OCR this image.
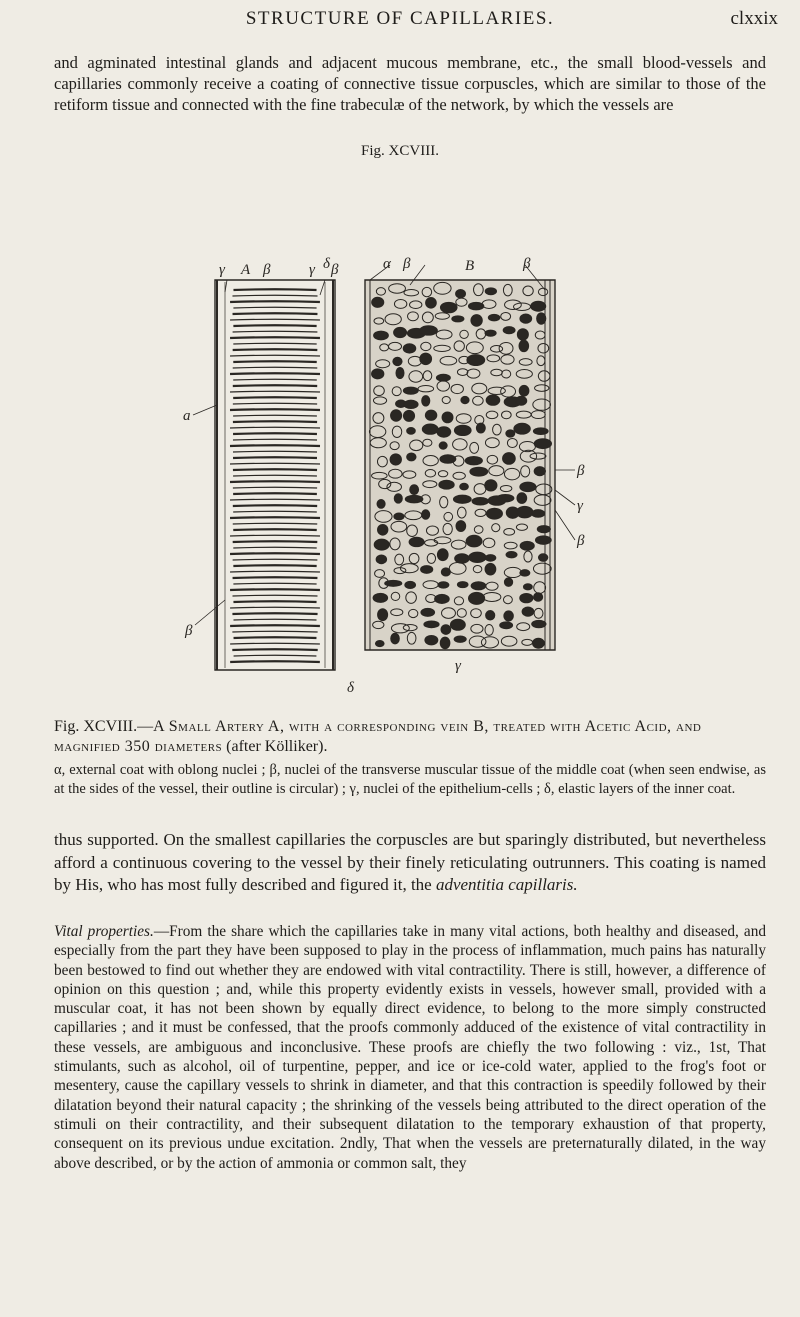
STRUCTURE OF CAPILLARIES.	clxxix

and agminated intestinal glands and adjacent mucous membrane, etc., the small blood-vessels and capillaries commonly receive a coating of connective tissue corpuscles, which are similar to those of the retiform tissue and connected with the fine trabeculæ of the network, by which the vessels are

Fig. XCVIII.
a
β
γ A β	γ δ β	α β	B	β
β
γ
β
δ
γ

Fig. XCVIII.—A Small Artery A, with a corresponding vein B, treated with Acetic Acid, and magnified 350 diameters (after Kölliker).

α, external coat with oblong nuclei ; β, nuclei of the transverse muscular tissue of the middle coat (when seen endwise, as at the sides of the vessel, their outline is circular) ; γ, nuclei of the epithelium-cells ; δ, elastic layers of the inner coat.

thus supported. On the smallest capillaries the corpuscles are but sparingly distributed, but nevertheless afford a continuous covering to the vessel by their finely reticulating outrunners. This coating is named by His, who has most fully described and figured it, the adventitia capillaris.

Vital properties.—From the share which the capillaries take in many vital actions, both healthy and diseased, and especially from the part they have been supposed to play in the process of inflammation, much pains has naturally been bestowed to find out whether they are endowed with vital contractility. There is still, however, a difference of opinion on this question ; and, while this property evidently exists in vessels, however small, provided with a muscular coat, it has not been shown by equally direct evidence, to belong to the more simply constructed capillaries ; and it must be confessed, that the proofs commonly adduced of the existence of vital contractility in these vessels, are ambiguous and inconclusive. These proofs are chiefly the two following : viz., 1st, That stimulants, such as alcohol, oil of turpentine, pepper, and ice or ice-cold water, applied to the frog's foot or mesentery, cause the capillary vessels to shrink in diameter, and that this contraction is speedily followed by their dilatation beyond their natural capacity ; the shrinking of the vessels being attributed to the direct operation of the stimuli on their contractility, and their subsequent dilatation to the temporary exhaustion of that property, consequent on its previous undue excitation. 2ndly, That when the vessels are preternaturally dilated, in the way above described, or by the action of ammonia or common salt, they
